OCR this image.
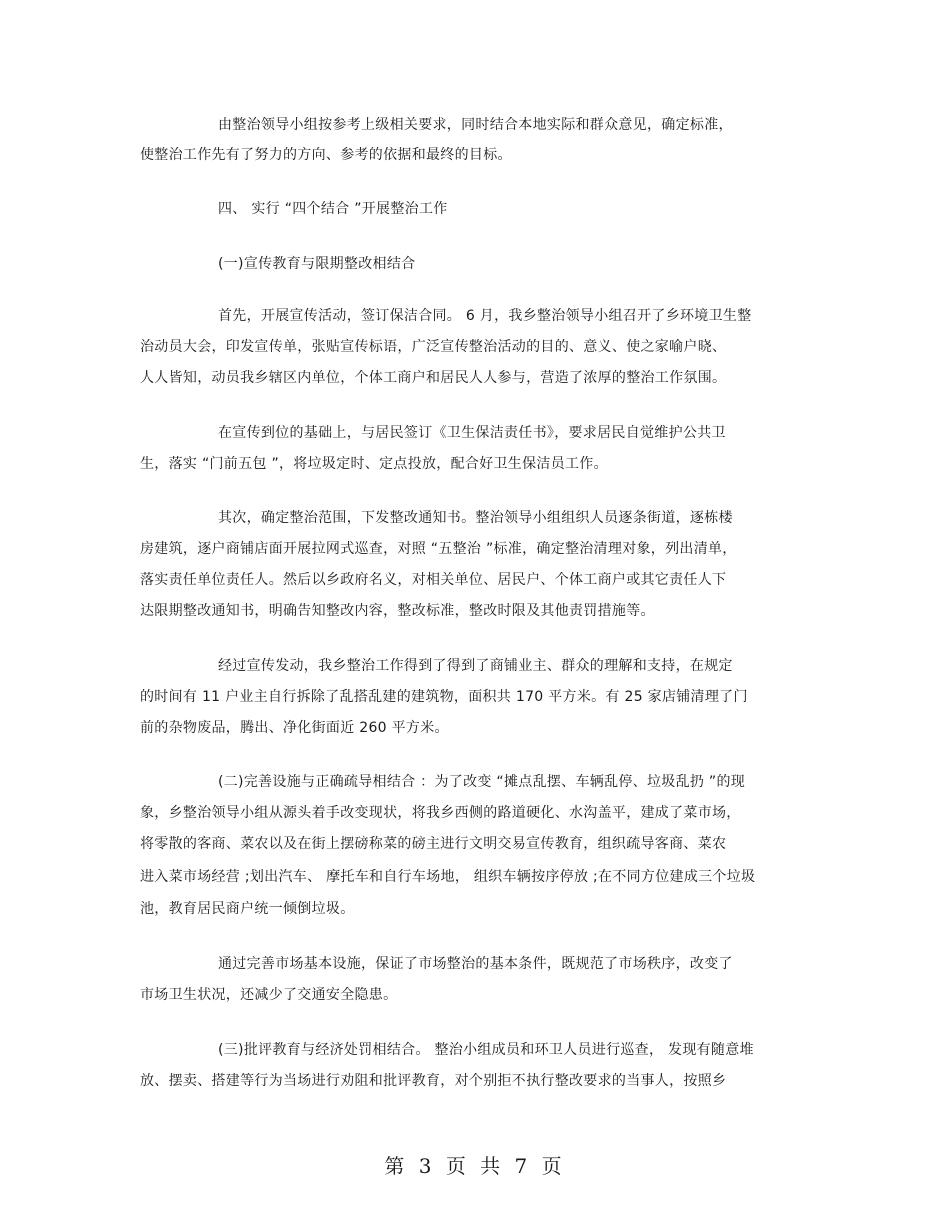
由整治领导小组按参考上级相关要求，同时结合本地实际和群众意见，确定标准，
使整治工作先有了努力的方向、参考的依据和最终的目标。
四、 实行 “四个结合 ”开展整治工作
(一)宣传教育与限期整改相结合
首先，开展宣传活动，签订保洁合同。 6 月，我乡整治领导小组召开了乡环境卫生整
治动员大会，印发宣传单，张贴宣传标语，广泛宣传整治活动的目的、意义、使之家喻户晓、
人人皆知，动员我乡辖区内单位，个体工商户和居民人人参与，营造了浓厚的整治工作氛围。
在宣传到位的基础上，与居民签订《卫生保洁责任书》，要求居民自觉维护公共卫
生，落实 “门前五包 ”，将垃圾定时、定点投放，配合好卫生保洁员工作。
其次，确定整治范围，下发整改通知书。整治领导小组组织人员逐条街道，逐栋楼
房建筑，逐户商铺店面开展拉网式巡查，对照 “五整治 ”标准，确定整治清理对象，列出清单，
落实责任单位责任人。然后以乡政府名义，对相关单位、居民户、个体工商户或其它责任人下
达限期整改通知书，明确告知整改内容，整改标准，整改时限及其他责罚措施等。
经过宣传发动，我乡整治工作得到了得到了商铺业主、群众的理解和支持，在规定
的时间有 11 户业主自行拆除了乱搭乱建的建筑物，面积共 170 平方米。有 25 家店铺清理了门
前的杂物废品，腾出、净化街面近 260 平方米。
(二)完善设施与正确疏导相结合 ：为了改变 “摊点乱摆、车辆乱停、垃圾乱扔 ”的现
象，乡整治领导小组从源头着手改变现状，将我乡西侧的路道硬化、水沟盖平，建成了菜市场，
将零散的客商、菜农以及在街上摆磅称菜的磅主进行文明交易宣传教育，组织疏导客商、菜农
进入菜市场经营 ;划出汽车、 摩托车和自行车场地， 组织车辆按序停放 ;在不同方位建成三个垃圾
池，教育居民商户统一倾倒垃圾。
通过完善市场基本设施，保证了市场整治的基本条件，既规范了市场秩序，改变了
市场卫生状况，还减少了交通安全隐患。
(三)批评教育与经济处罚相结合。 整治小组成员和环卫人员进行巡查， 发现有随意堆
放、摆卖、搭建等行为当场进行劝阻和批评教育，对个别拒不执行整改要求的当事人，按照乡
第 3 页 共 7 页
